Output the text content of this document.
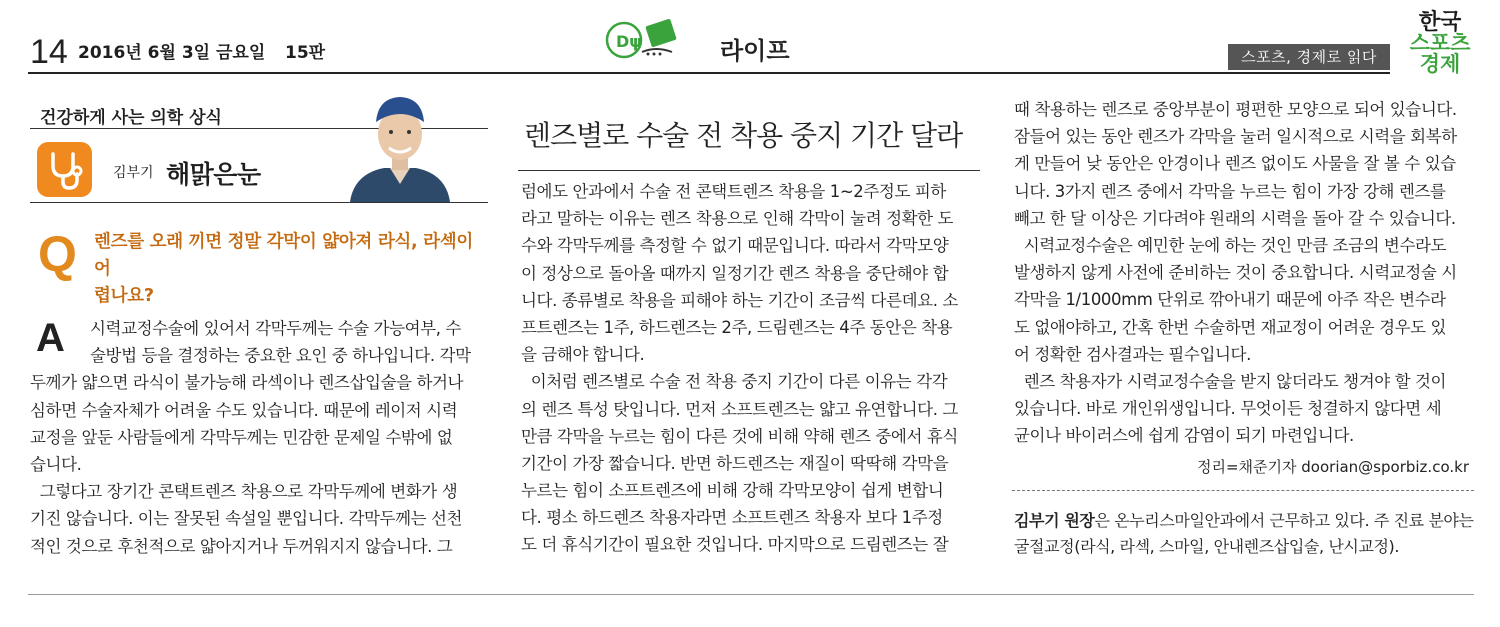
14 2016년 6월 3일 금요일 15판
Dψ	라이프	스포츠, 경제로 읽다
한국
스포츠
경제
건강하게 사는 의학 상식
김부기 해맑은눈
Q 렌즈를 오래 끼면 정말 각막이 얇아져 라식, 라섹이 어
렵나요?
A	시력교정수술에 있어서 각막두께는 수술 가능여부, 수
술방법 등을 결정하는 중요한 요인 중 하나입니다. 각막
두께가 얇으면 라식이 불가능해 라섹이나 렌즈삽입술을 하거나
심하면 수술자체가 어려울 수도 있습니다. 때문에 레이저 시력
교정을 앞둔 사람들에게 각막두께는 민감한 문제일 수밖에 없
습니다.
그렇다고 장기간 콘택트렌즈 착용으로 각막두께에 변화가 생
기진 않습니다. 이는 잘못된 속설일 뿐입니다. 각막두께는 선천
적인 것으로 후천적으로 얇아지거나 두꺼워지지 않습니다. 그
렌즈별로 수술 전 착용 중지 기간 달라
럼에도 안과에서 수술 전 콘택트렌즈 착용을 1~2주정도 피하
라고 말하는 이유는 렌즈 착용으로 인해 각막이 눌려 정확한 도
수와 각막두께를 측정할 수 없기 때문입니다. 따라서 각막모양
이 정상으로 돌아올 때까지 일정기간 렌즈 착용을 중단해야 합
니다. 종류별로 착용을 피해야 하는 기간이 조금씩 다른데요. 소
프트렌즈는 1주, 하드렌즈는 2주, 드림렌즈는 4주 동안은 착용
을 금해야 합니다.
이처럼 렌즈별로 수술 전 착용 중지 기간이 다른 이유는 각각
의 렌즈 특성 탓입니다. 먼저 소프트렌즈는 얇고 유연합니다. 그
만큼 각막을 누르는 힘이 다른 것에 비해 약해 렌즈 중에서 휴식
기간이 가장 짧습니다. 반면 하드렌즈는 재질이 딱딱해 각막을
누르는 힘이 소프트렌즈에 비해 강해 각막모양이 쉽게 변합니
다. 평소 하드렌즈 착용자라면 소프트렌즈 착용자 보다 1주정
도 더 휴식기간이 필요한 것입니다. 마지막으로 드림렌즈는 잘
때 착용하는 렌즈로 중앙부분이 평편한 모양으로 되어 있습니다.
잠들어 있는 동안 렌즈가 각막을 눌러 일시적으로 시력을 회복하
게 만들어 낮 동안은 안경이나 렌즈 없이도 사물을 잘 볼 수 있습
니다. 3가지 렌즈 중에서 각막을 누르는 힘이 가장 강해 렌즈를
빼고 한 달 이상은 기다려야 원래의 시력을 돌아 갈 수 있습니다.
시력교정수술은 예민한 눈에 하는 것인 만큼 조금의 변수라도
발생하지 않게 사전에 준비하는 것이 중요합니다. 시력교정술 시
각막을 1/1000mm 단위로 깎아내기 때문에 아주 작은 변수라
도 없애야하고, 간혹 한번 수술하면 재교정이 어려운 경우도 있
어 정확한 검사결과는 필수입니다.
렌즈 착용자가 시력교정수술을 받지 않더라도 챙겨야 할 것이
있습니다. 바로 개인위생입니다. 무엇이든 청결하지 않다면 세
균이나 바이러스에 쉽게 감염이 되기 마련입니다.
정리=채준기자 doorian@sporbiz.co.kr
김부기 원장은 온누리스마일안과에서 근무하고 있다. 주 진료 분야는
굴절교정(라식, 라섹, 스마일, 안내렌즈삽입술, 난시교정).
